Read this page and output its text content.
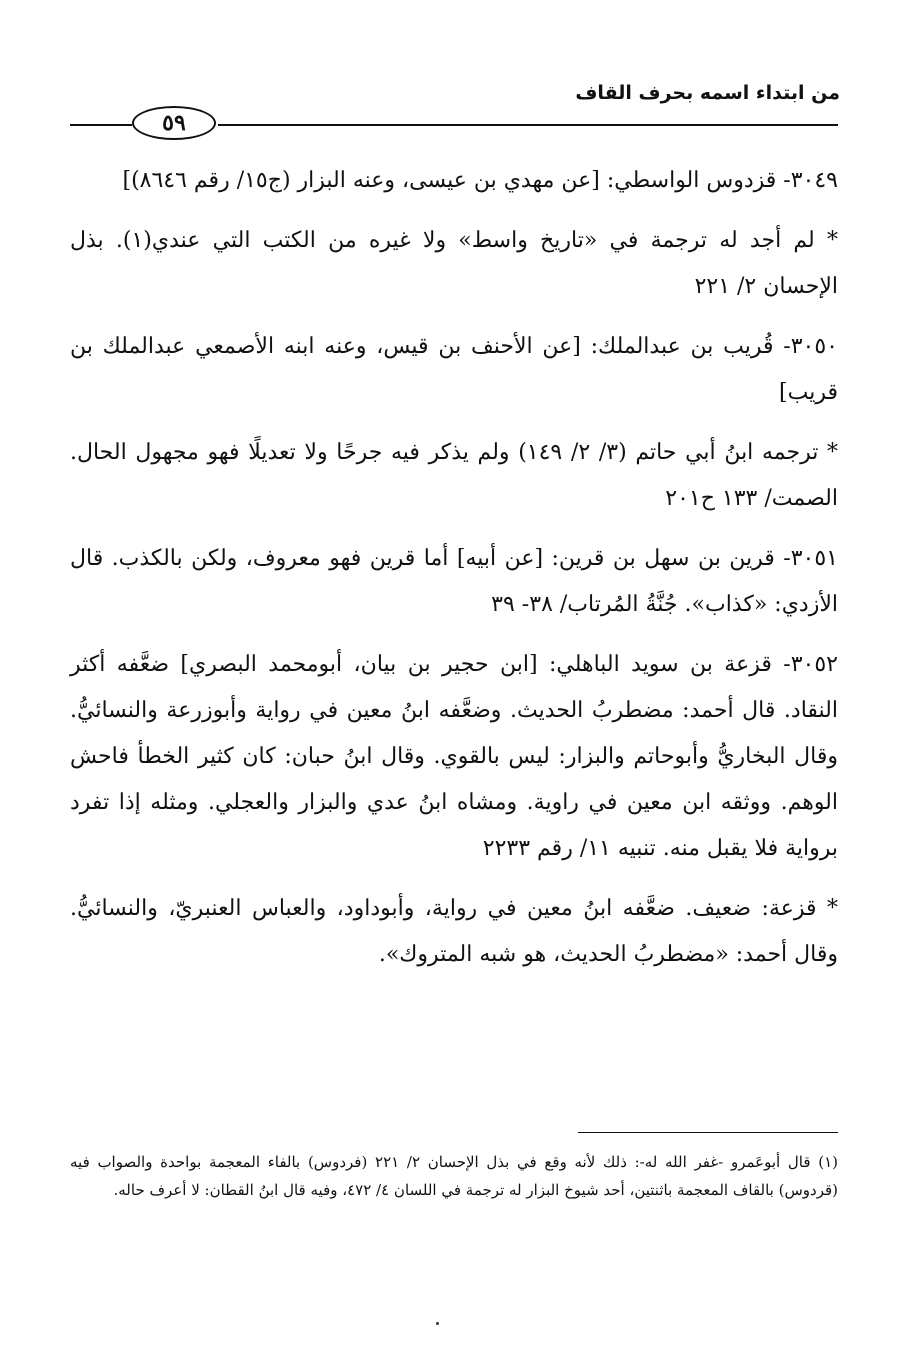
من ابتداء اسمه بحرف القاف
٥٩

٣٠٤٩- قزدوس الواسطي: [عن مهدي بن عيسى، وعنه البزار (ج١٥/ رقم ٨٦٤٦)]

* لم أجد له ترجمة في «تاريخ واسط» ولا غيره من الكتب التي عندي(١). بذل الإحسان ٢/ ٢٢١

٣٠٥٠- قُريب بن عبدالملك: [عن الأحنف بن قيس، وعنه ابنه الأصمعي عبدالملك بن قريب]

* ترجمه ابنُ أبي حاتم (٣/ ٢/ ١٤٩) ولم يذكر فيه جرحًا ولا تعديلًا فهو مجهول الحال. الصمت/ ١٣٣ ح٢٠١

٣٠٥١- قرين بن سهل بن قرين: [عن أبيه] أما قرين فهو معروف، ولكن بالكذب. قال الأزدي: «كذاب». جُنَّةُ المُرتاب/ ٣٨- ٣٩

٣٠٥٢- قزعة بن سويد الباهلي: [ابن حجير بن بيان، أبومحمد البصري] ضعَّفه أكثر النقاد. قال أحمد: مضطربُ الحديث. وضعَّفه ابنُ معين في رواية وأبوزرعة والنسائيُّ. وقال البخاريُّ وأبوحاتم والبزار: ليس بالقوي. وقال ابنُ حبان: كان كثير الخطأ فاحش الوهم. ووثقه ابن معين في راوية. ومشاه ابنُ عدي والبزار والعجلي. ومثله إذا تفرد برواية فلا يقبل منه. تنبيه ١١/ رقم ٢٢٣٣

* قزعة: ضعيف. ضعَّفه ابنُ معين في رواية، وأبوداود، والعباس العنبريّ، والنسائيُّ. وقال أحمد: «مضطربُ الحديث، هو شبه المتروك».

(١) قال أبوعَمرو -غفر الله له-: ذلك لأنه وقع في بذل الإحسان ٢/ ٢٢١ (فردوس) بالفاء المعجمة بواحدة والصواب فيه (قردوس) بالقاف المعجمة باثنتين، أحد شيوخ البزار له ترجمة في اللسان ٤/ ٤٧٢، وفيه قال ابنُ القطان: لا أعرف حاله.
